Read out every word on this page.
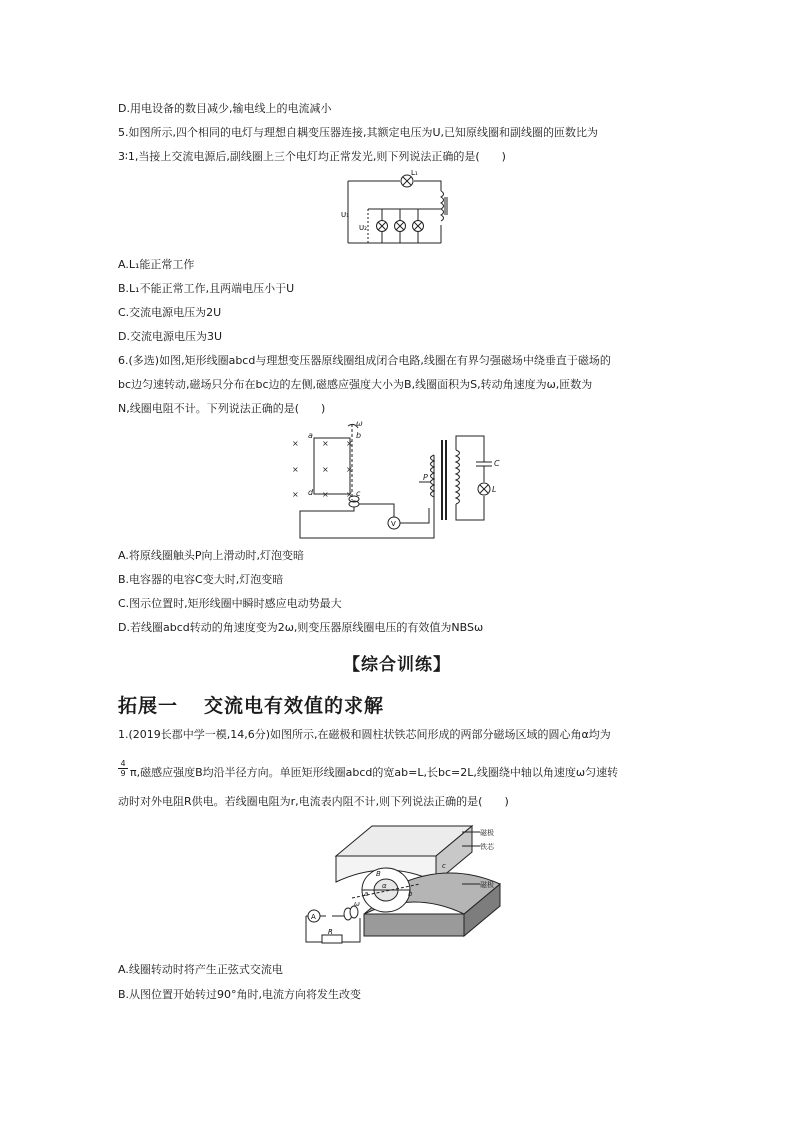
D.用电设备的数目减少,输电线上的电流减小
5.如图所示,四个相同的电灯与理想自耦变压器连接,其额定电压为U,已知原线圈和副线圈的匝数比为
3∶1,当接上交流电源后,副线圈上三个电灯均正常发光,则下列说法正确的是(　　)
L₁
U₁
U₂
A.L₁能正常工作
B.L₁不能正常工作,且两端电压小于U
C.交流电源电压为2U
D.交流电源电压为3U
6.(多选)如图,矩形线圈abcd与理想变压器原线圈组成闭合电路,线圈在有界匀强磁场中绕垂直于磁场的
bc边匀速转动,磁场只分布在bc边的左侧,磁感应强度大小为B,线圈面积为S,转动角速度为ω,匝数为
N,线圈电阻不计。下列说法正确的是(　　)
×	× ×
×	× ×
×	× ×
V
a	b
c
d
ω
P
C
L
A.将原线圈触头P向上滑动时,灯泡变暗
B.电容器的电容C变大时,灯泡变暗
C.图示位置时,矩形线圈中瞬时感应电动势最大
D.若线圈abcd转动的角速度变为2ω,则变压器原线圈电压的有效值为NBSω
【综合训练】
拓展一 交流电有效值的求解
1.(2019长郡中学一模,14,6分)如图所示,在磁极和圆柱状铁芯间形成的两部分磁场区域的圆心角α均为
$\frac{4}{9} \pi$,磁感应强度B均沿半径方向。单匝矩形线圈abcd的宽ab=L,长bc=2L,线圈绕中轴以角速度ω匀速转
动时对外电阻R供电。若线圈电阻为r,电流表内阻不计,则下列说法正确的是(　　)
A
R
磁极
铁芯
磁极
ω
α
B
a	b
c
A.线圈转动时将产生正弦式交流电
B.从图位置开始转过90°角时,电流方向将发生改变
